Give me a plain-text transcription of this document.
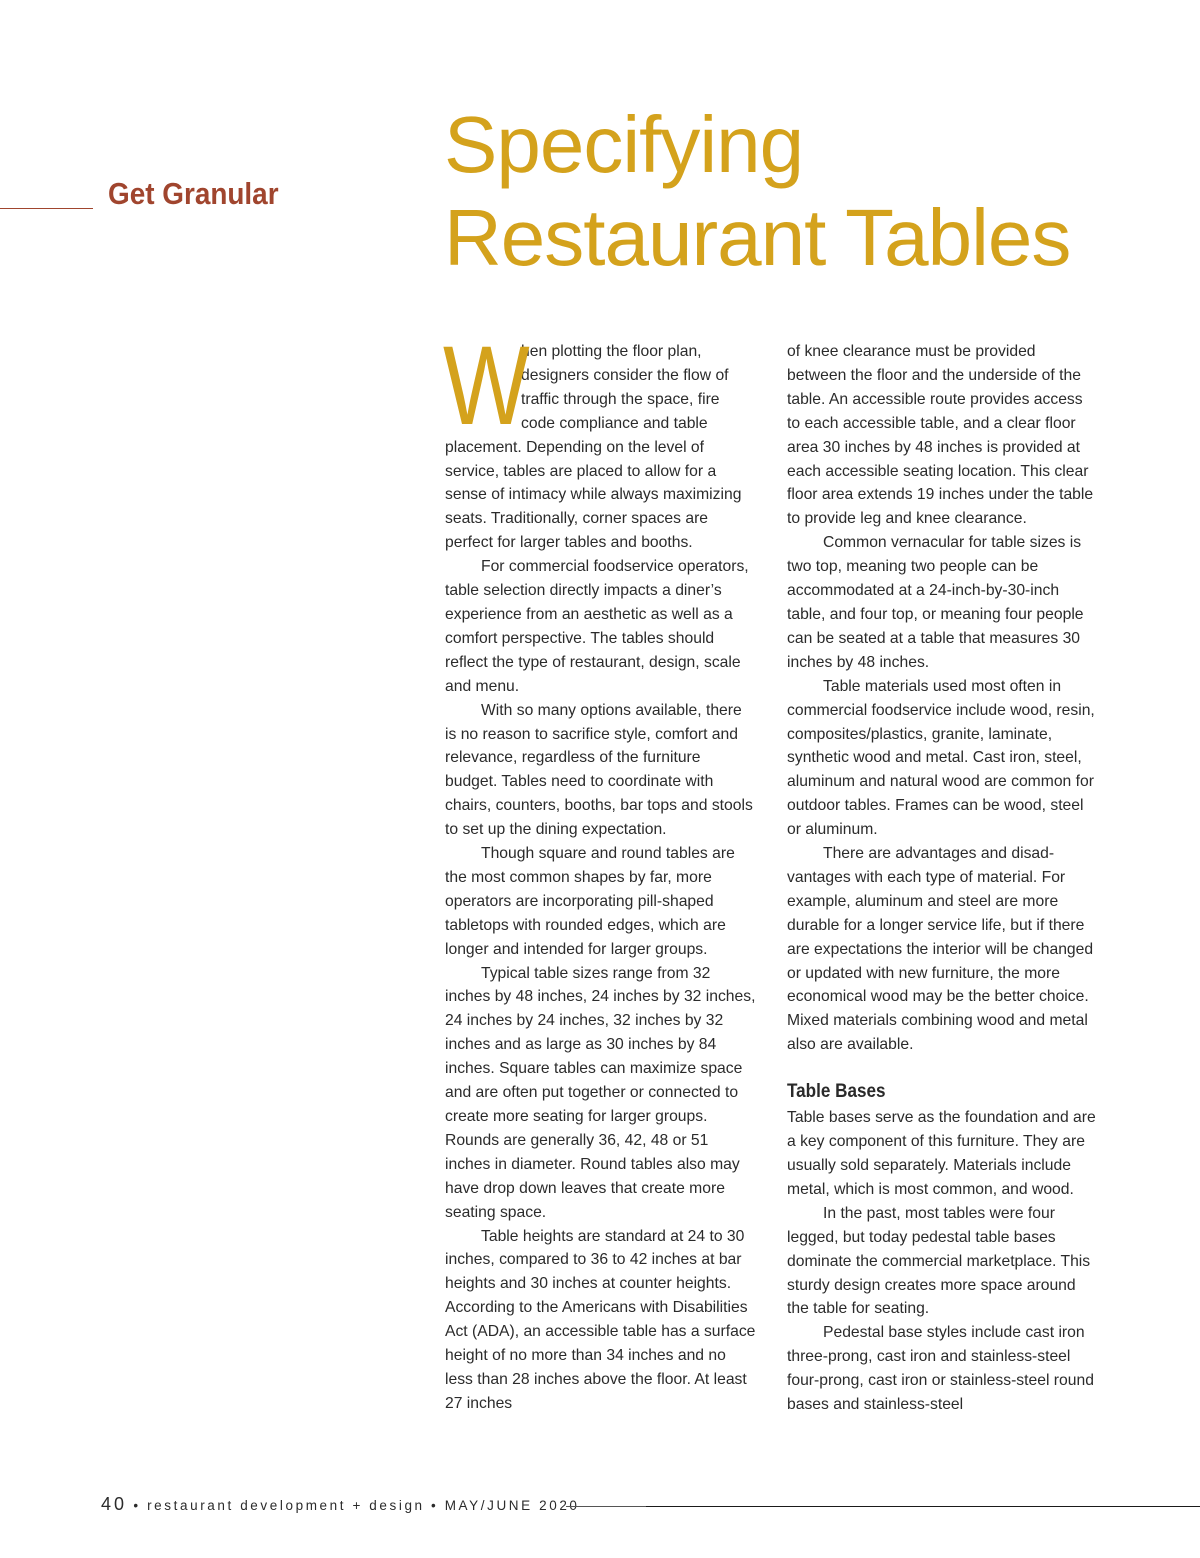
Get Granular
Specifying
Restaurant Tables

W
hen plotting the floor plan, designers consider the flow of traffic through the space, fire code compliance and table placement. Depending on the level of service, tables are placed to allow for a sense of intimacy while always maximizing seats. Traditionally, corner spaces are perfect for larger tables and booths.

For commercial foodservice operators, table selection directly impacts a diner’s experience from an aesthetic as well as a comfort perspective. The tables should reflect the type of restaurant, design, scale and menu.

With so many options available, there is no reason to sacrifice style, comfort and relevance, regardless of the furniture budget. Tables need to coordinate with chairs, counters, booths, bar tops and stools to set up the dining expectation.

Though square and round tables are the most common shapes by far, more operators are incorporating pill-shaped tabletops with rounded edges, which are longer and intended for larger groups.

Typical table sizes range from 32 inches by 48 inches, 24 inches by 32 inches, 24 inches by 24 inches, 32 inches by 32 inches and as large as 30 inches by 84 inches. Square tables can maximize space and are often put together or connected to create more seating for larger groups. Rounds are generally 36, 42, 48 or 51 inches in diameter. Round tables also may have drop down leaves that create more seating space.

Table heights are standard at 24 to 30 inches, compared to 36 to 42 inches at bar heights and 30 inches at counter heights. According to the Americans with Disabilities Act (ADA), an accessible table has a surface height of no more than 34 inches and no less than 28 inches above the floor. At least 27 inches

of knee clearance must be provided between the floor and the underside of the table. An accessible route provides access to each accessible table, and a clear floor area 30 inches by 48 inches is provided at each accessible seating location. This clear floor area extends 19 inches under the table to provide leg and knee clearance.

Common vernacular for table sizes is two top, meaning two people can be accommodated at a 24-inch-by-30-inch table, and four top, or meaning four people can be seated at a table that measures 30 inches by 48 inches.

Table materials used most often in commercial foodservice include wood, resin, composites/plastics, granite, laminate, synthetic wood and metal. Cast iron, steel, aluminum and natural wood are common for outdoor tables. Frames can be wood, steel or aluminum.

There are advantages and disadvantages with each type of material. For example, aluminum and steel are more durable for a longer service life, but if there are expectations the interior will be changed or updated with new furniture, the more economical wood may be the better choice. Mixed materials combining wood and metal also are available.

Table Bases

Table bases serve as the foundation and are a key component of this furniture. They are usually sold separately. Materials include metal, which is most common, and wood.

In the past, most tables were four legged, but today pedestal table bases dominate the commercial marketplace. This sturdy design creates more space around the table for seating.

Pedestal base styles include cast iron three-prong, cast iron and stainless-steel four-prong, cast iron or stainless-steel round bases and stainless-steel

40 • restaurant development + design • MAY/JUNE 2020
